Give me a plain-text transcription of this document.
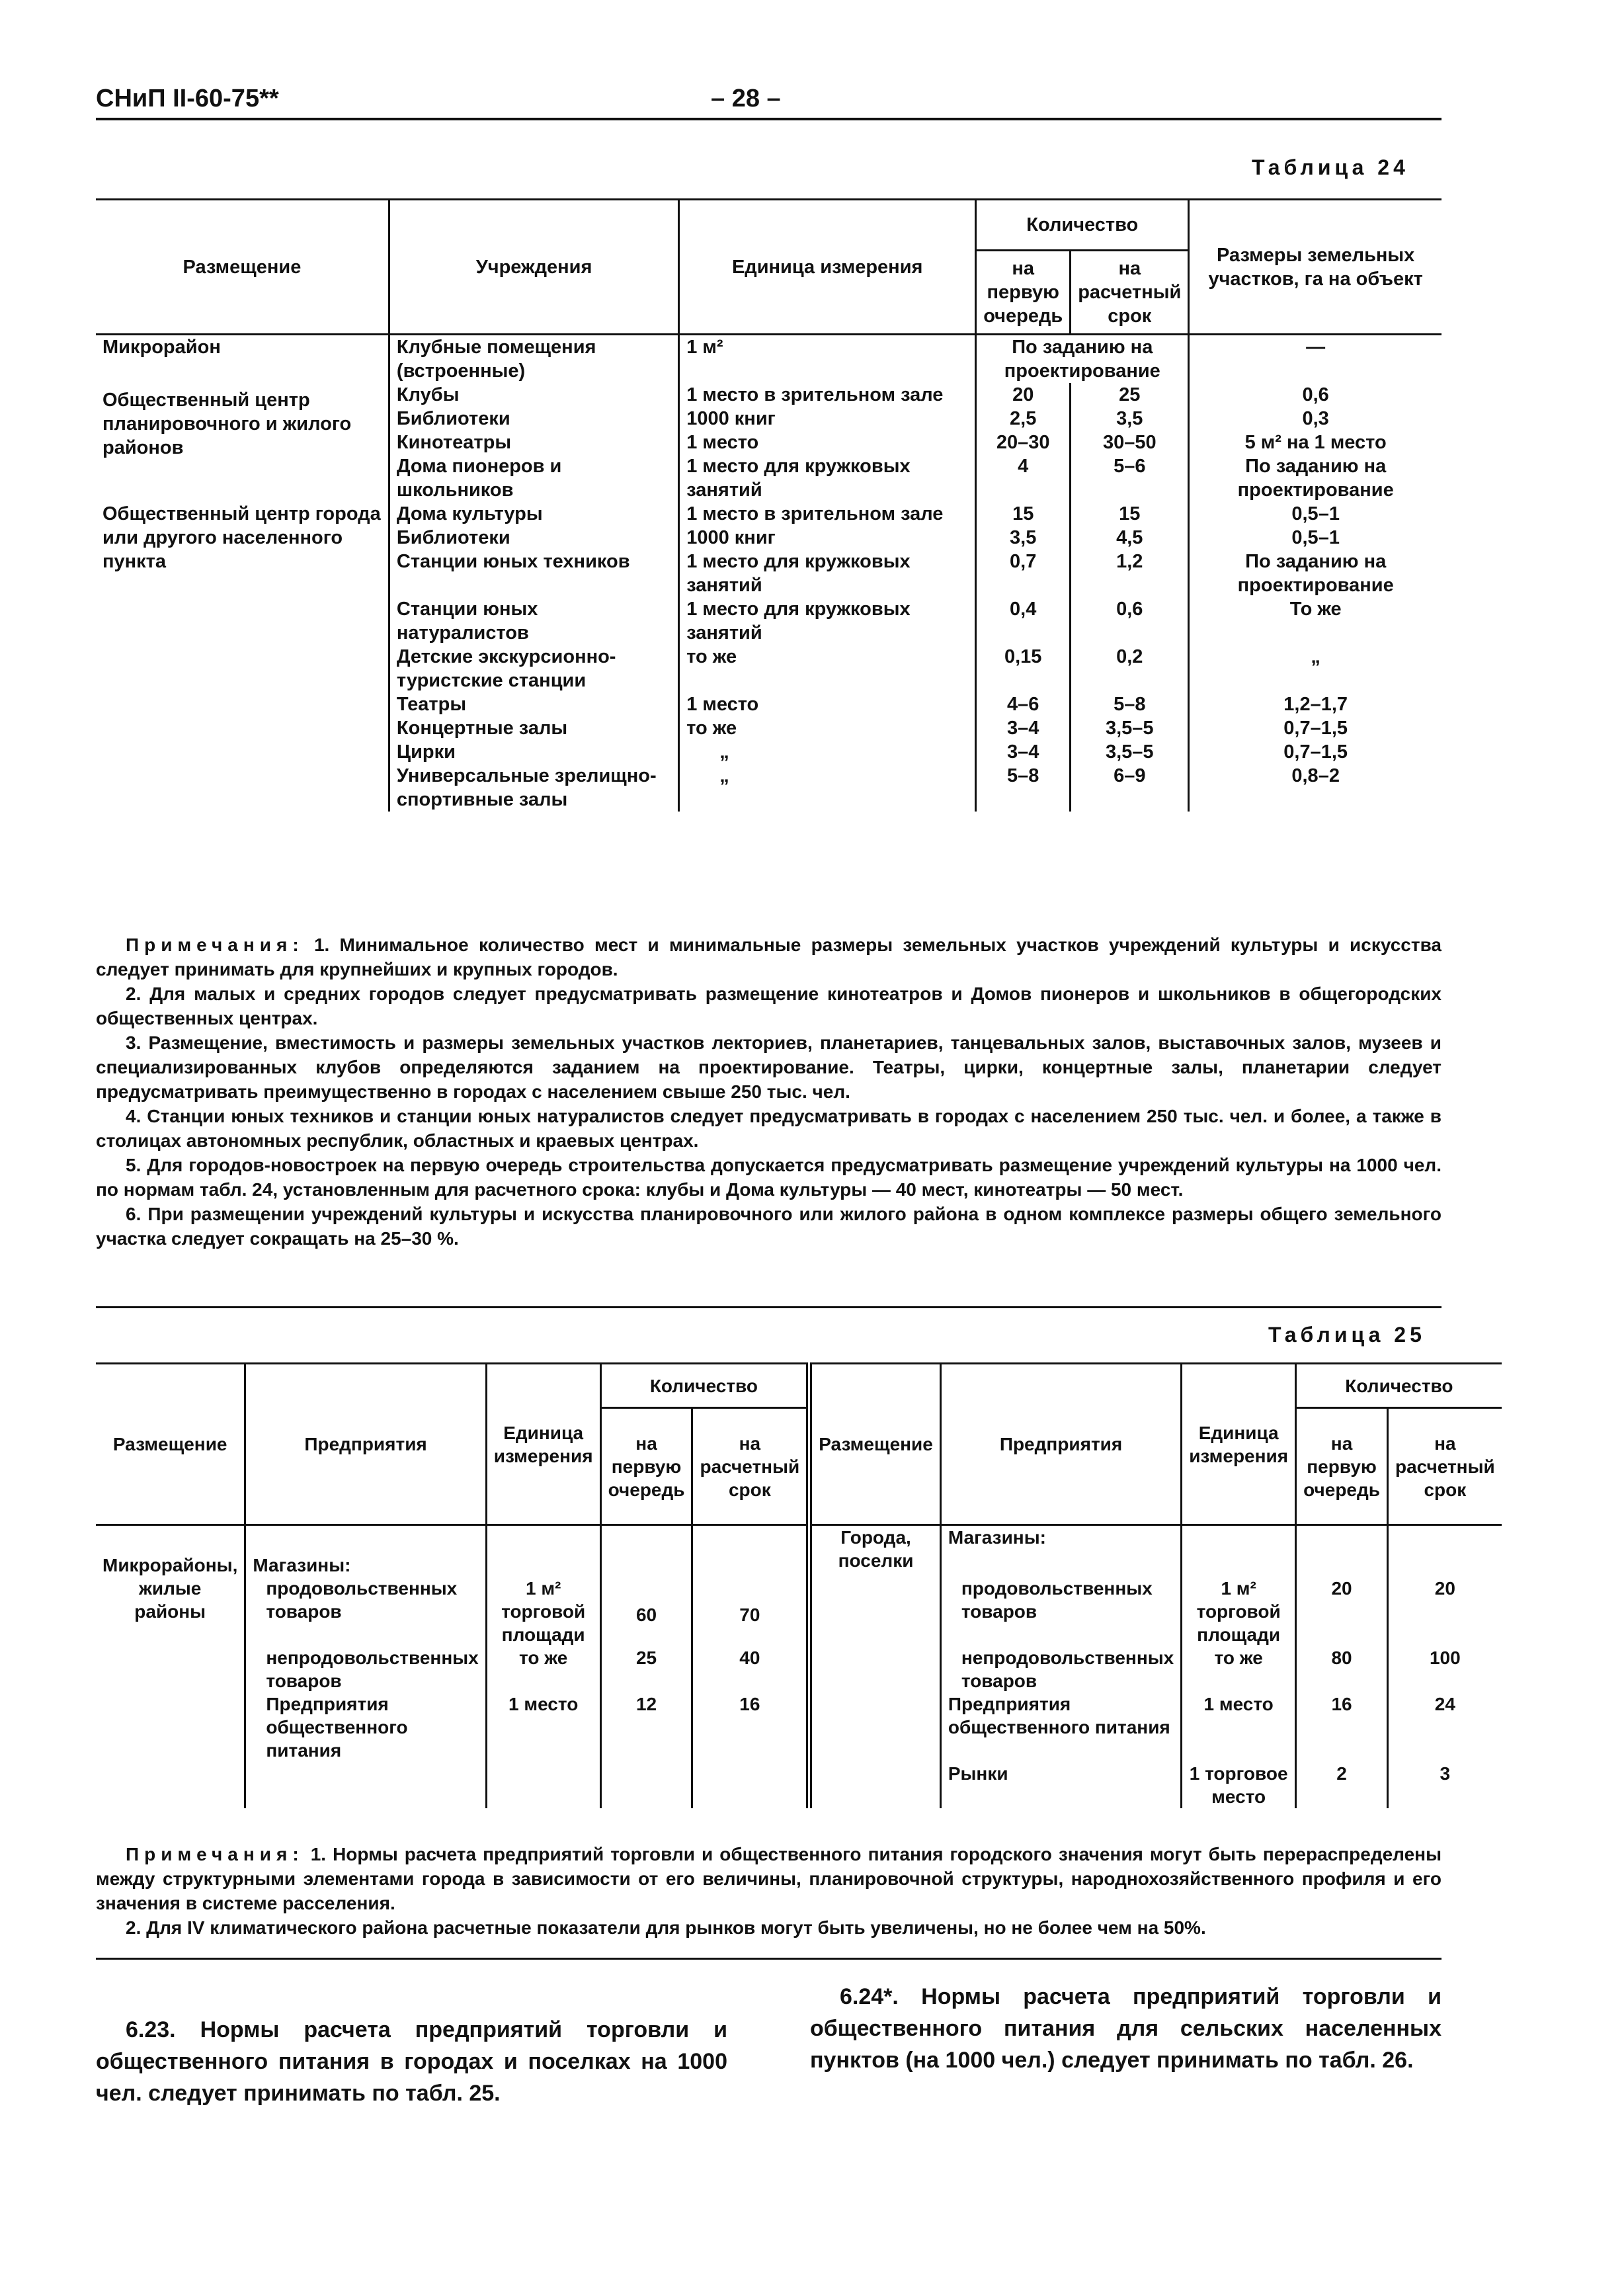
СНиП II-60-75**	– 28 –
Таблица 24
Размещение	Учреждения	Единица измерения	Количество		Размеры земельных участков, га на объект
			на первую очередь	на расчетный срок	
Микрорайон	Клубные помещения (встроенные)	1 м²	По заданию на проектирование		—
Общественный центр планировочного и жилого районов	Клубы	1 место в зрительном зале	20	25	0,6
	Библиотеки	1000 книг	2,5	3,5	0,3
	Кинотеатры	1 место	20–30	30–50	5 м² на 1 место
	Дома пионеров и школьников	1 место для кружковых занятий	4	5–6	По заданию на проектирование
Общественный центр города или другого населенного пункта	Дома культуры	1 место в зрительном зале	15	15	0,5–1
	Библиотеки	1000 книг	3,5	4,5	0,5–1
	Станции юных техников	1 место для кружковых занятий	0,7	1,2	По заданию на проектирование
	Станции юных натуралистов	1 место для кружковых занятий	0,4	0,6	То же
	Детские экскурсионно-туристские станции	то же	0,15	0,2	„
	Театры	1 место	4–6	5–8	1,2–1,7
	Концертные залы	то же	3–4	3,5–5	0,7–1,5
	Цирки	„	3–4	3,5–5	0,7–1,5
	Универсальные зрелищно-спортивные залы	„	5–8	6–9	0,8–2

Примечания: 1. Минимальное количество мест и минимальные размеры земельных участков учреждений культуры и искусства следует принимать для крупнейших и крупных городов.

2. Для малых и средних городов следует предусматривать размещение кинотеатров и Домов пионеров и школьников в общегородских общественных центрах.

3. Размещение, вместимость и размеры земельных участков лекториев, планетариев, танцевальных залов, выставочных залов, музеев и специализированных клубов определяются заданием на проектирование. Театры, цирки, концертные залы, планетарии следует предусматривать преимущественно в городах с населением свыше 250 тыс. чел.

4. Станции юных техников и станции юных натуралистов следует предусматривать в городах с населением 250 тыс. чел. и более, а также в столицах автономных республик, областных и краевых центрах.

5. Для городов-новостроек на первую очередь строительства допускается предусматривать размещение учреждений культуры на 1000 чел. по нормам табл. 24, установленным для расчетного срока: клубы и Дома культуры — 40 мест, кинотеатры — 50 мест.

6. При размещении учреждений культуры и искусства планировочного или жилого района в одном комплексе размеры общего земельного участка следует сокращать на 25–30 %.

Таблица 25
Размещение	Предприятия	Единица измерения	Количество		Размещение	Предприятия	Единица измерения	Количество	
			на первую очередь	на расчетный срок				на первую очередь	на расчетный срок
Микрорайоны, жилые районы	Магазины:				Города, поселки	Магазины:			
	продовольственных товаров	1 м² торговой площади	60	70		продовольственных товаров	1 м² торговой площади	20	20
	непродовольственных товаров	то же	25	40		непродовольственных товаров	то же	80	100
	Предприятия общественного питания	1 место	12	16		Предприятия общественного питания	1 место	16	24
						Рынки	1 торговое место	2	3

Примечания: 1. Нормы расчета предприятий торговли и общественного питания городского значения могут быть перераспределены между структурными элементами города в зависимости от его величины, планировочной структуры, народнохозяйственного профиля и его значения в системе расселения.

2. Для IV климатического района расчетные показатели для рынков могут быть увеличены, но не более чем на 50%.

6.23. Нормы расчета предприятий торговли и общественного питания в городах и поселках на 1000 чел. следует принимать по табл. 25.
6.24*. Нормы расчета предприятий торговли и общественного питания для сельских населенных пунктов (на 1000 чел.) следует принимать по табл. 26.
